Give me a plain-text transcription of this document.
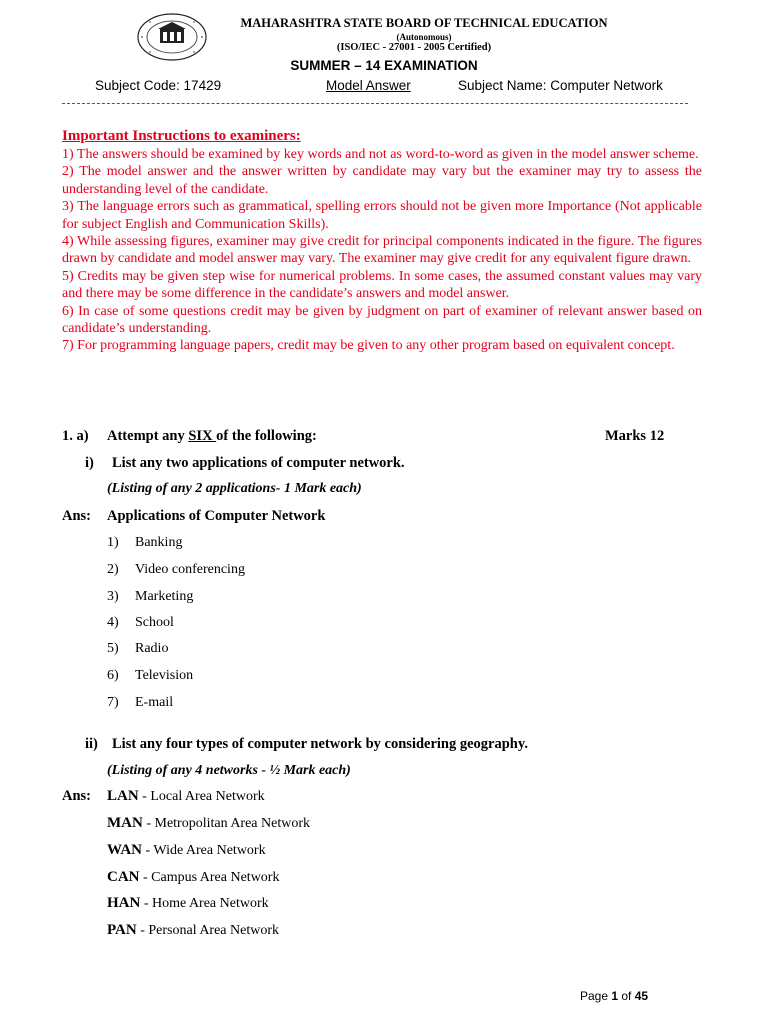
MAHARASHTRA STATE BOARD OF TECHNICAL EDUCATION
(Autonomous)
(ISO/IEC - 27001 - 2005 Certified)
SUMMER – 14 EXAMINATION
Subject Code: 17429	Model Answer	Subject Name: Computer Network
Important Instructions to examiners:

1) The answers should be examined by key words and not as word-to-word as given in the model answer scheme.

2) The model answer and the answer written by candidate may vary but the examiner may try to assess the understanding level of the candidate.

3) The language errors such as grammatical, spelling errors should not be given more Importance (Not applicable for subject English and Communication Skills).

4) While assessing figures, examiner may give credit for principal components indicated in the figure. The figures drawn by candidate and model answer may vary. The examiner may give credit for any equivalent figure drawn.

5) Credits may be given step wise for numerical problems. In some cases, the assumed constant values may vary and there may be some difference in the candidate’s answers and model answer.

6) In case of some questions credit may be given by judgment on part of examiner of relevant answer based on candidate’s understanding.

7) For programming language papers, credit may be given to any other program based on equivalent concept.

1. a) Attempt any SIX of the following:	Marks 12
i) List any two applications of computer network.
(Listing of any 2 applications- 1 Mark each)
Ans: Applications of Computer Network
1) Banking
2) Video conferencing
3) Marketing
4) School
5) Radio
6) Television
7) E-mail
ii) List any four types of computer network by considering geography.
(Listing of any 4 networks - ½ Mark each)
Ans: LAN - Local Area Network
MAN - Metropolitan Area Network
WAN - Wide Area Network
CAN - Campus Area Network
HAN - Home Area Network
PAN - Personal Area Network
Page 1 of 45
